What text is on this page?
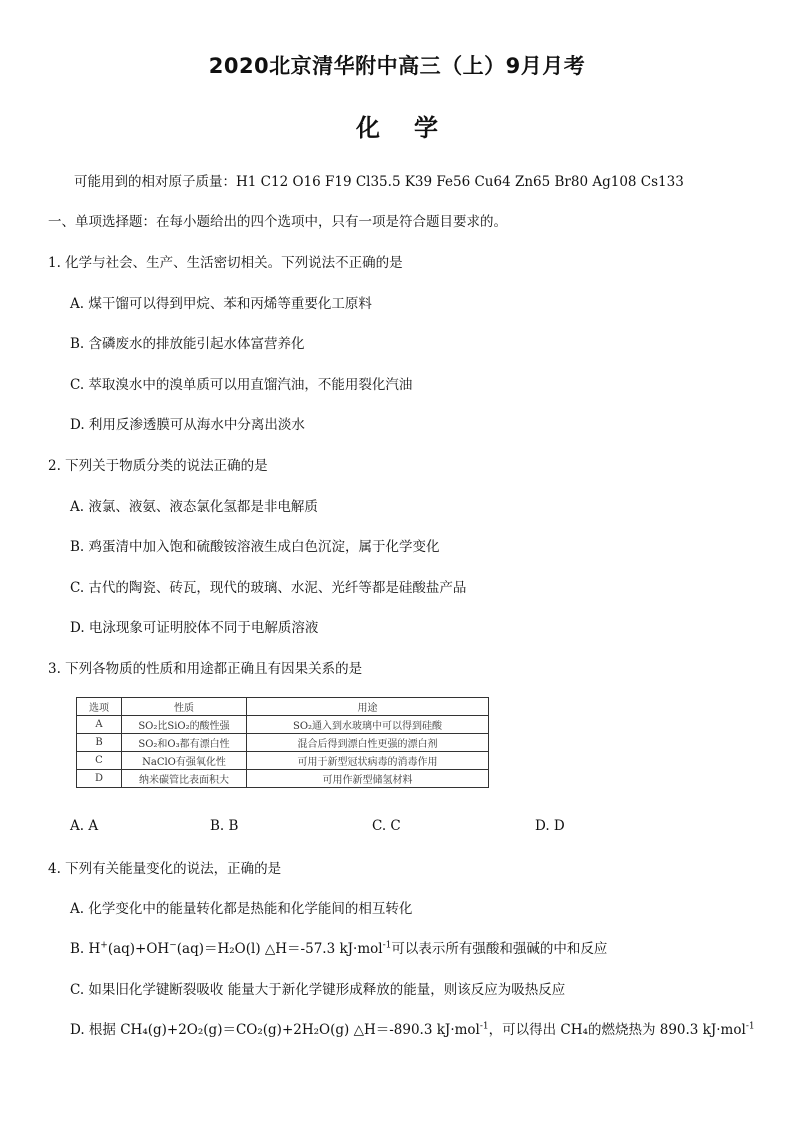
2020北京清华附中高三（上）9月月考
化学
可能用到的相对原子质量：H1 C12 O16 F19 Cl35.5 K39 Fe56 Cu64 Zn65 Br80 Ag108 Cs133
一、单项选择题：在每小题给出的四个选项中，只有一项是符合题目要求的。
1. 化学与社会、生产、生活密切相关。下列说法不正确的是
A. 煤干馏可以得到甲烷、苯和丙烯等重要化工原料
B. 含磷废水的排放能引起水体富营养化
C. 萃取溴水中的溴单质可以用直馏汽油，不能用裂化汽油
D. 利用反渗透膜可从海水中分离出淡水
2. 下列关于物质分类的说法正确的是
A. 液氯、液氨、液态氯化氢都是非电解质
B. 鸡蛋清中加入饱和硫酸铵溶液生成白色沉淀，属于化学变化
C. 古代的陶瓷、砖瓦，现代的玻璃、水泥、光纤等都是硅酸盐产品
D. 电泳现象可证明胶体不同于电解质溶液
3. 下列各物质的性质和用途都正确且有因果关系的是
选项	性质	用途
A	SO₂比SiO₂的酸性强	SO₂通入到水玻璃中可以得到硅酸
B	SO₂和O₃都有漂白性	混合后得到漂白性更强的漂白剂
C	NaClO有强氧化性	可用于新型冠状病毒的消毒作用
D	纳米碳管比表面积大	可用作新型储氢材料
A. A	B. B	C. C	D. D
4. 下列有关能量变化的说法，正确的是
A. 化学变化中的能量转化都是热能和化学能间的相互转化
B. H+(aq)+OH−(aq)＝H₂O(l) △H＝-57.3 kJ·mol$^{-1}$可以表示所有强酸和强碱的中和反应
C. 如果旧化学键断裂吸收 能量大于新化学键形成释放的能量，则该反应为吸热反应
D. 根据 CH₄(g)+2O₂(g)＝CO₂(g)+2H₂O(g) △H＝-890.3 kJ·mol$^{-1}$，可以得出 CH₄的燃烧热为 890.3 kJ·mol$^{-1}$
